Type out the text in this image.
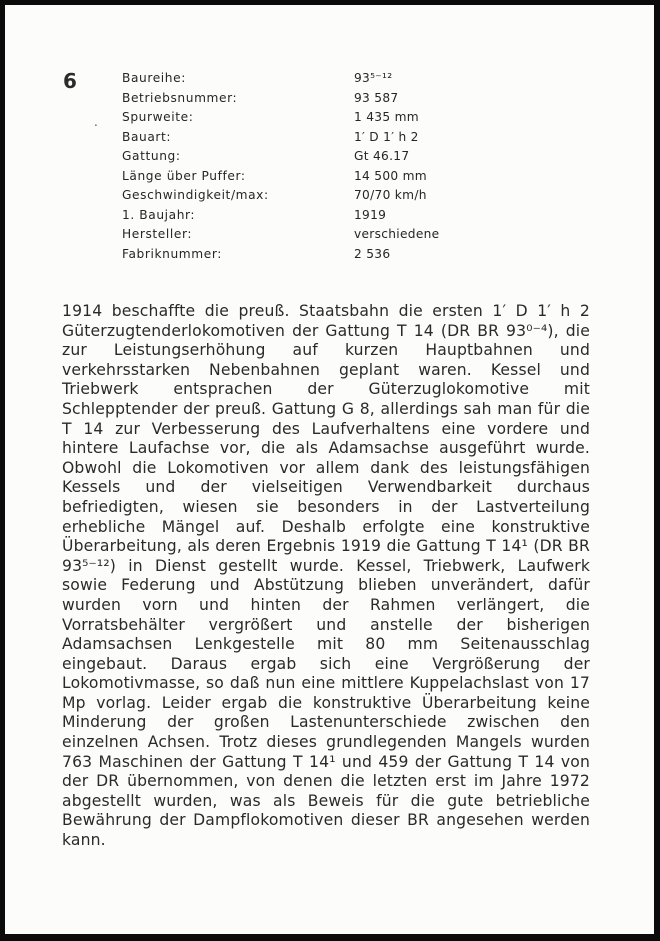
6
.
Baureihe:	93⁵⁻¹²
Betriebsnummer:	93 587
Spurweite:	1 435 mm
Bauart:	1′ D 1′ h 2
Gattung:	Gt 46.17
Länge über Puffer:	14 500 mm
Geschwindigkeit/max:	70/70 km/h
1. Baujahr:	1919
Hersteller:	verschiedene
Fabriknummer:	2 536

1914 beschaffte die preuß. Staatsbahn die ersten 1′ D 1′ h 2 Güterzugtenderlokomotiven der Gattung T 14 (DR BR 93⁰⁻⁴), die zur Leistungserhöhung auf kurzen Hauptbahnen und verkehrsstarken Nebenbahnen geplant waren. Kessel und Triebwerk entsprachen der Güterzuglokomotive mit Schlepptender der preuß. Gattung G 8, allerdings sah man für die T 14 zur Verbesserung des Laufverhaltens eine vordere und hintere Laufachse vor, die als Adamsachse ausgeführt wurde. Obwohl die Lokomotiven vor allem dank des leistungsfähigen Kessels und der vielseitigen Verwendbarkeit durchaus befriedigten, wiesen sie besonders in der Lastverteilung erhebliche Mängel auf. Deshalb erfolgte eine konstruktive Überarbeitung, als deren Ergebnis 1919 die Gattung T 14¹ (DR BR 93⁵⁻¹²) in Dienst gestellt wurde. Kessel, Triebwerk, Laufwerk sowie Federung und Abstützung blieben unverändert, dafür wurden vorn und hinten der Rahmen verlängert, die Vorratsbehälter vergrößert und anstelle der bisherigen Adamsachsen Lenkgestelle mit 80 mm Seitenausschlag eingebaut. Daraus ergab sich eine Vergrößerung der Lokomotivmasse, so daß nun eine mittlere Kuppelachslast von 17 Mp vorlag. Leider ergab die konstruktive Überarbeitung keine Minderung der großen Lastenunterschiede zwischen den einzelnen Achsen. Trotz dieses grundlegenden Mangels wurden 763 Maschinen der Gattung T 14¹ und 459 der Gattung T 14 von der DR übernommen, von denen die letzten erst im Jahre 1972 abgestellt wurden, was als Beweis für die gute betriebliche Bewährung der Dampflokomotiven dieser BR angesehen werden kann.
